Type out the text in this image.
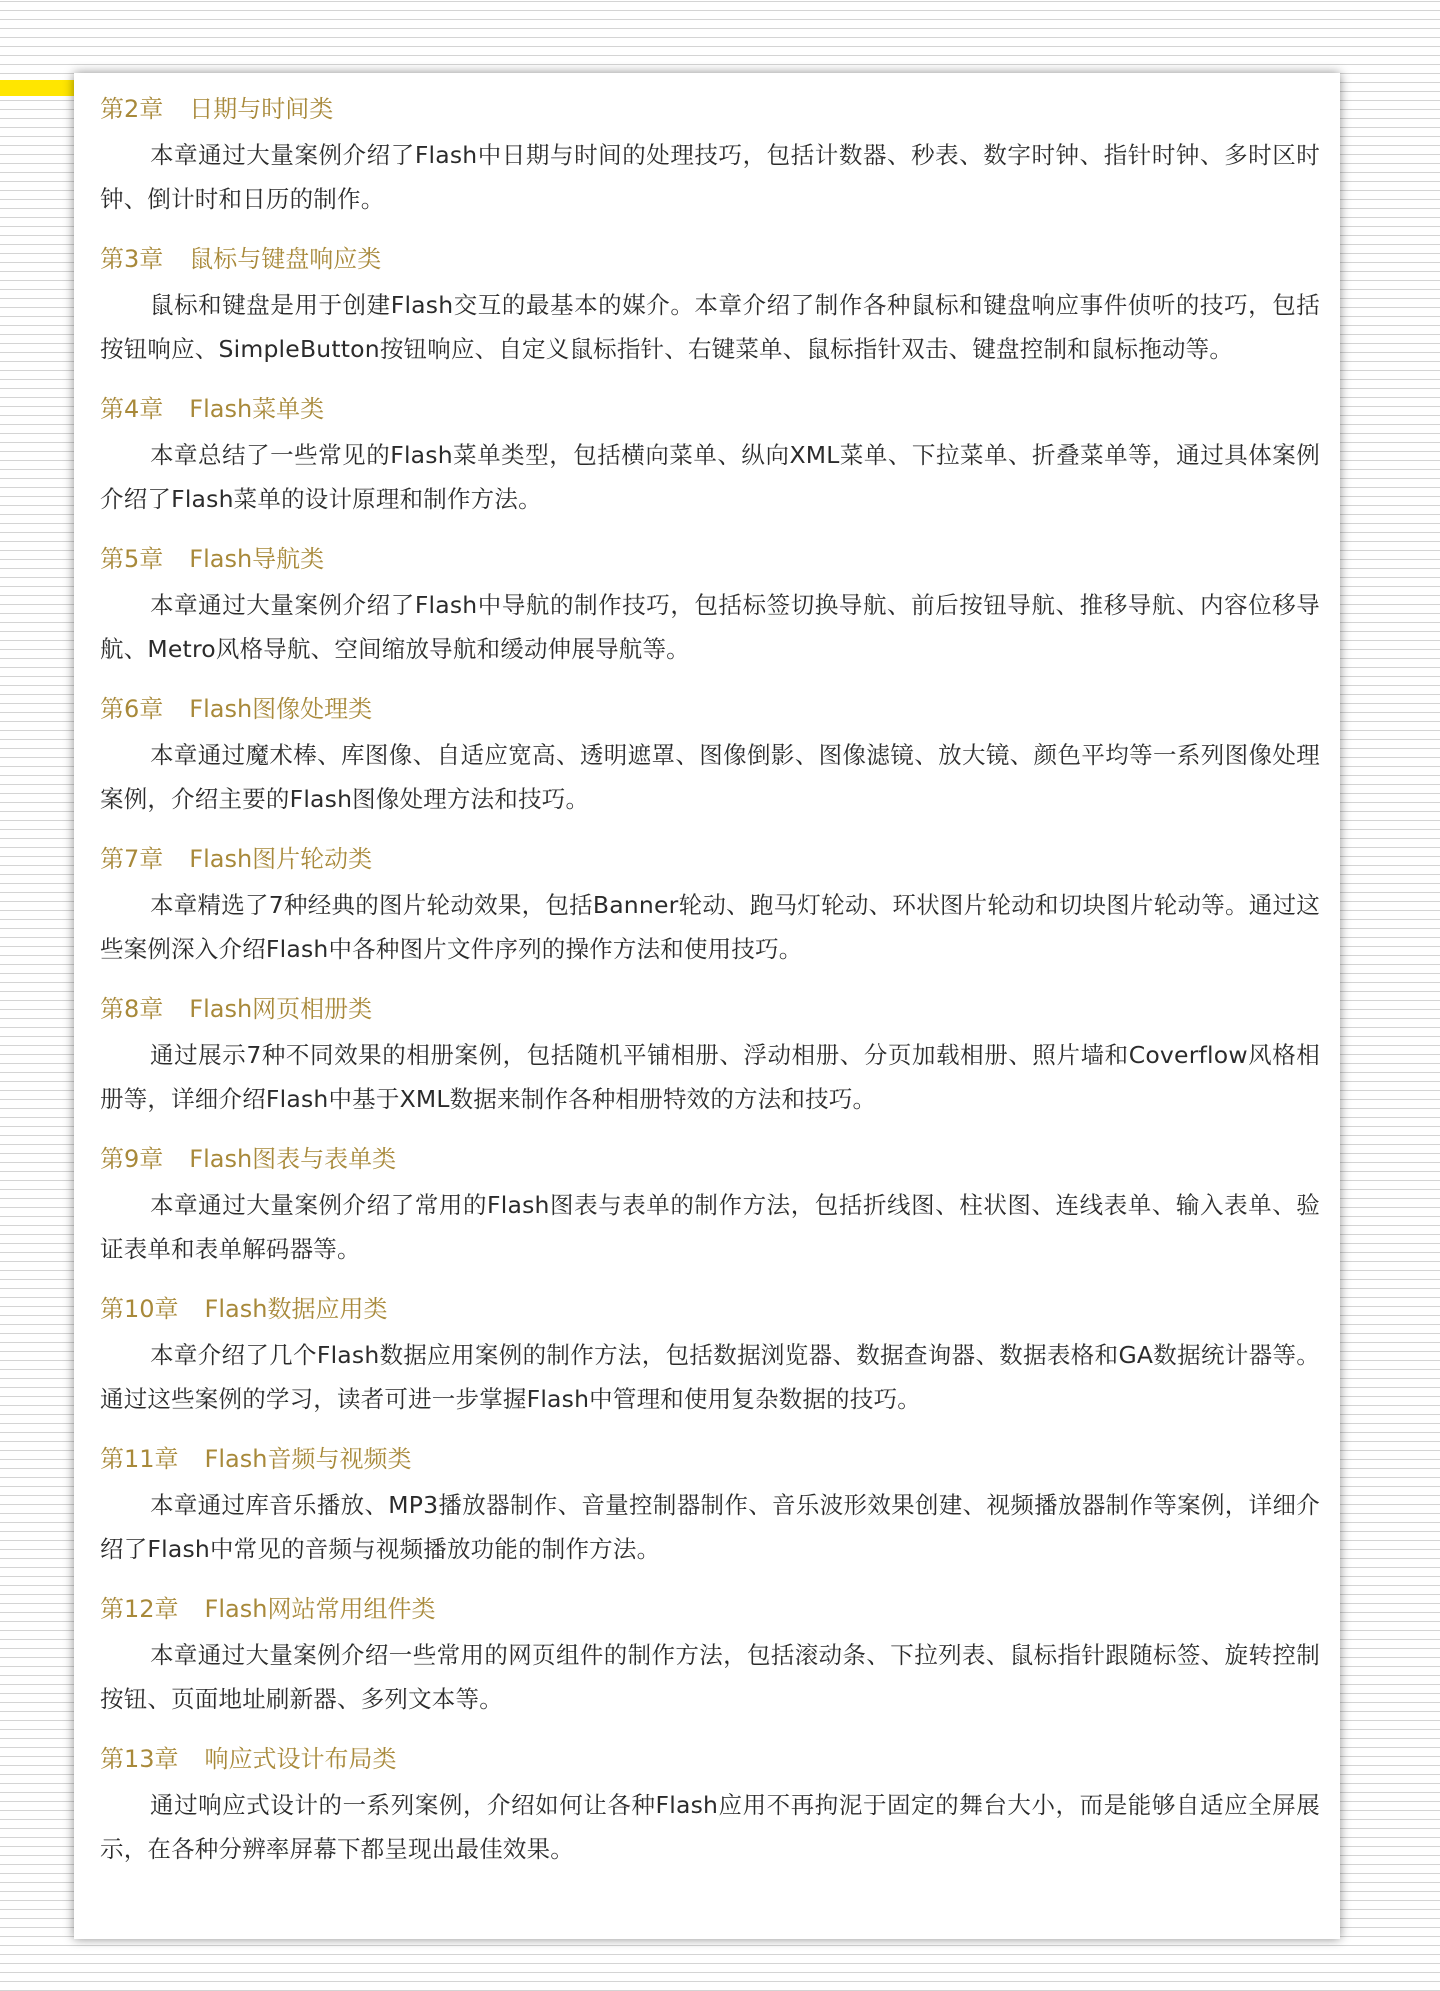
第2章 日期与时间类

本章通过大量案例介绍了Flash中日期与时间的处理技巧，包括计数器、秒表、数字时钟、指针时钟、多时区时钟、倒计时和日历的制作。

第3章 鼠标与键盘响应类

鼠标和键盘是用于创建Flash交互的最基本的媒介。本章介绍了制作各种鼠标和键盘响应事件侦听的技巧，包括按钮响应、SimpleButton按钮响应、自定义鼠标指针、右键菜单、鼠标指针双击、键盘控制和鼠标拖动等。

第4章 Flash菜单类

本章总结了一些常见的Flash菜单类型，包括横向菜单、纵向XML菜单、下拉菜单、折叠菜单等，通过具体案例介绍了Flash菜单的设计原理和制作方法。

第5章 Flash导航类

本章通过大量案例介绍了Flash中导航的制作技巧，包括标签切换导航、前后按钮导航、推移导航、内容位移导航、Metro风格导航、空间缩放导航和缓动伸展导航等。

第6章 Flash图像处理类

本章通过魔术棒、库图像、自适应宽高、透明遮罩、图像倒影、图像滤镜、放大镜、颜色平均等一系列图像处理案例，介绍主要的Flash图像处理方法和技巧。

第7章 Flash图片轮动类

本章精选了7种经典的图片轮动效果，包括Banner轮动、跑马灯轮动、环状图片轮动和切块图片轮动等。通过这些案例深入介绍Flash中各种图片文件序列的操作方法和使用技巧。

第8章 Flash网页相册类

通过展示7种不同效果的相册案例，包括随机平铺相册、浮动相册、分页加载相册、照片墙和Coverflow风格相册等，详细介绍Flash中基于XML数据来制作各种相册特效的方法和技巧。

第9章 Flash图表与表单类

本章通过大量案例介绍了常用的Flash图表与表单的制作方法，包括折线图、柱状图、连线表单、输入表单、验证表单和表单解码器等。

第10章 Flash数据应用类

本章介绍了几个Flash数据应用案例的制作方法，包括数据浏览器、数据查询器、数据表格和GA数据统计器等。通过这些案例的学习，读者可进一步掌握Flash中管理和使用复杂数据的技巧。

第11章 Flash音频与视频类

本章通过库音乐播放、MP3播放器制作、音量控制器制作、音乐波形效果创建、视频播放器制作等案例，详细介绍了Flash中常见的音频与视频播放功能的制作方法。

第12章 Flash网站常用组件类

本章通过大量案例介绍一些常用的网页组件的制作方法，包括滚动条、下拉列表、鼠标指针跟随标签、旋转控制按钮、页面地址刷新器、多列文本等。

第13章 响应式设计布局类

通过响应式设计的一系列案例，介绍如何让各种Flash应用不再拘泥于固定的舞台大小，而是能够自适应全屏展示，在各种分辨率屏幕下都呈现出最佳效果。
